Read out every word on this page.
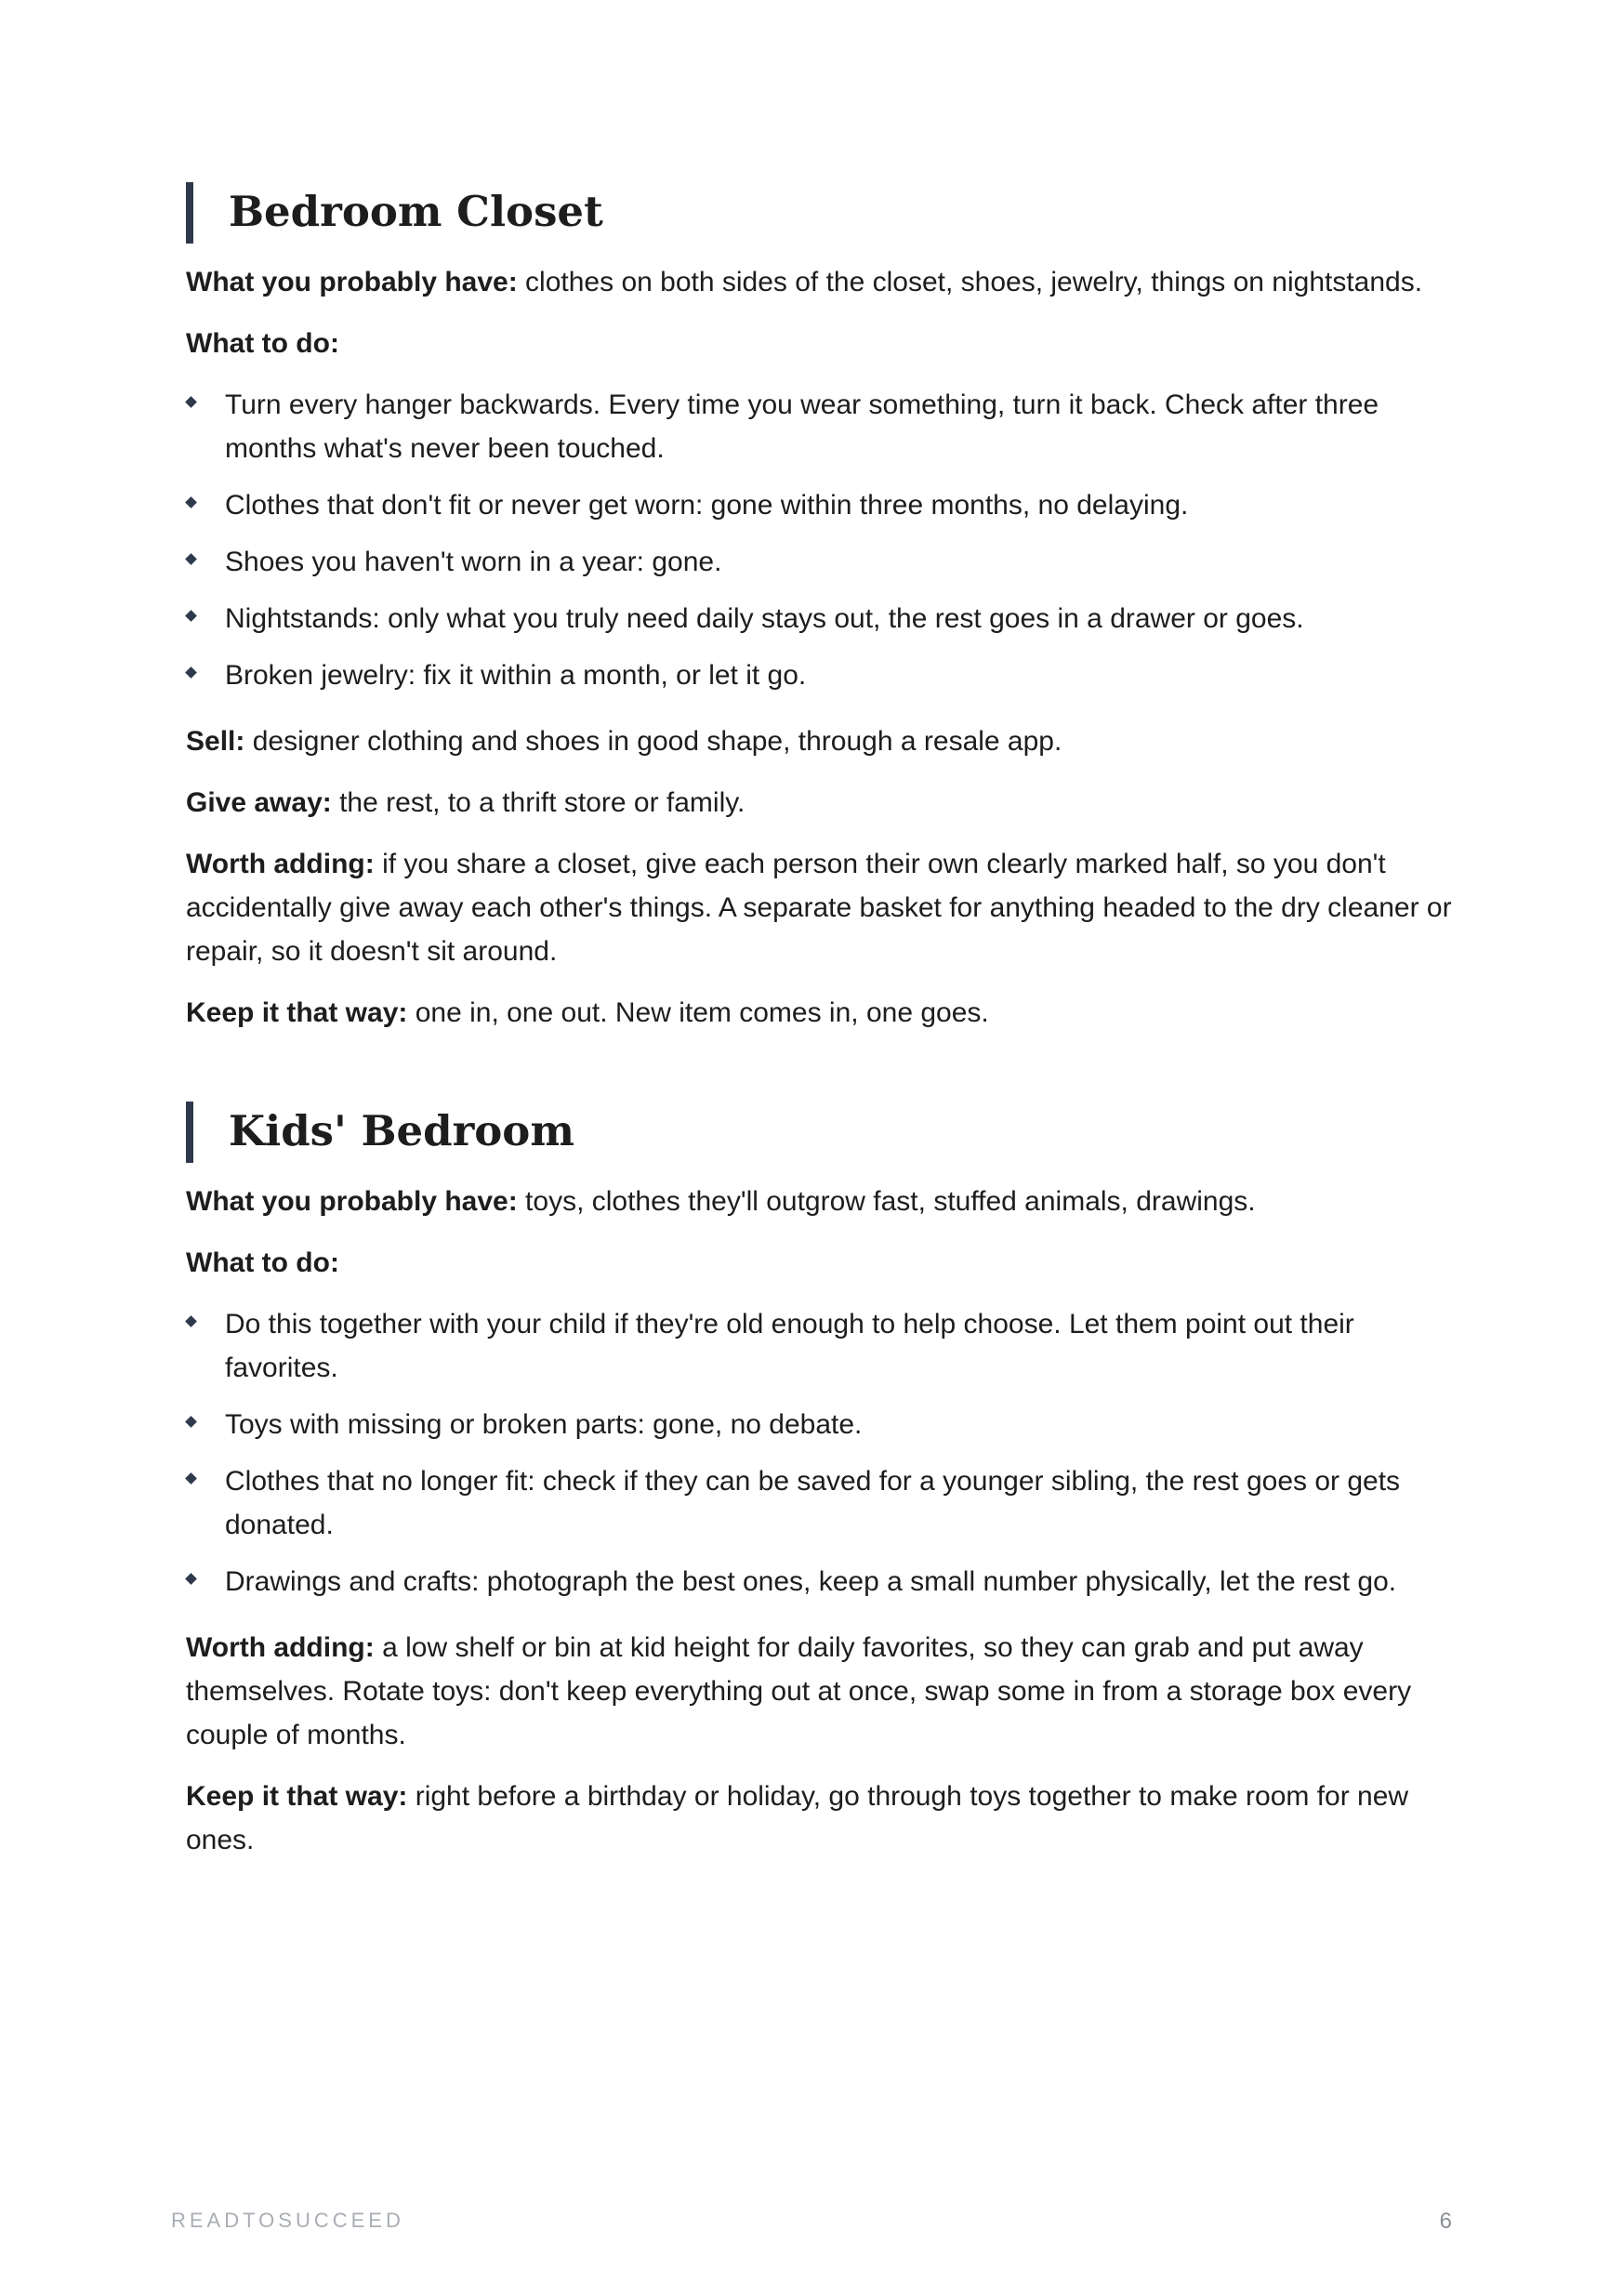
Bedroom Closet

What you probably have: clothes on both sides of the closet, shoes, jewelry, things on nightstands.

What to do:

Turn every hanger backwards. Every time you wear something, turn it back. Check after three months what's never been touched.
Clothes that don't fit or never get worn: gone within three months, no delaying.
Shoes you haven't worn in a year: gone.
Nightstands: only what you truly need daily stays out, the rest goes in a drawer or goes.
Broken jewelry: fix it within a month, or let it go.

Sell: designer clothing and shoes in good shape, through a resale app.

Give away: the rest, to a thrift store or family.

Worth adding: if you share a closet, give each person their own clearly marked half, so you don't accidentally give away each other's things. A separate basket for anything headed to the dry cleaner or repair, so it doesn't sit around.

Keep it that way: one in, one out. New item comes in, one goes.

Kids' Bedroom

What you probably have: toys, clothes they'll outgrow fast, stuffed animals, drawings.

What to do:

Do this together with your child if they're old enough to help choose. Let them point out their favorites.
Toys with missing or broken parts: gone, no debate.
Clothes that no longer fit: check if they can be saved for a younger sibling, the rest goes or gets donated.
Drawings and crafts: photograph the best ones, keep a small number physically, let the rest go.

Worth adding: a low shelf or bin at kid height for daily favorites, so they can grab and put away themselves. Rotate toys: don't keep everything out at once, swap some in from a storage box every couple of months.

Keep it that way: right before a birthday or holiday, go through toys together to make room for new ones.

READTOSUCCEED	6
